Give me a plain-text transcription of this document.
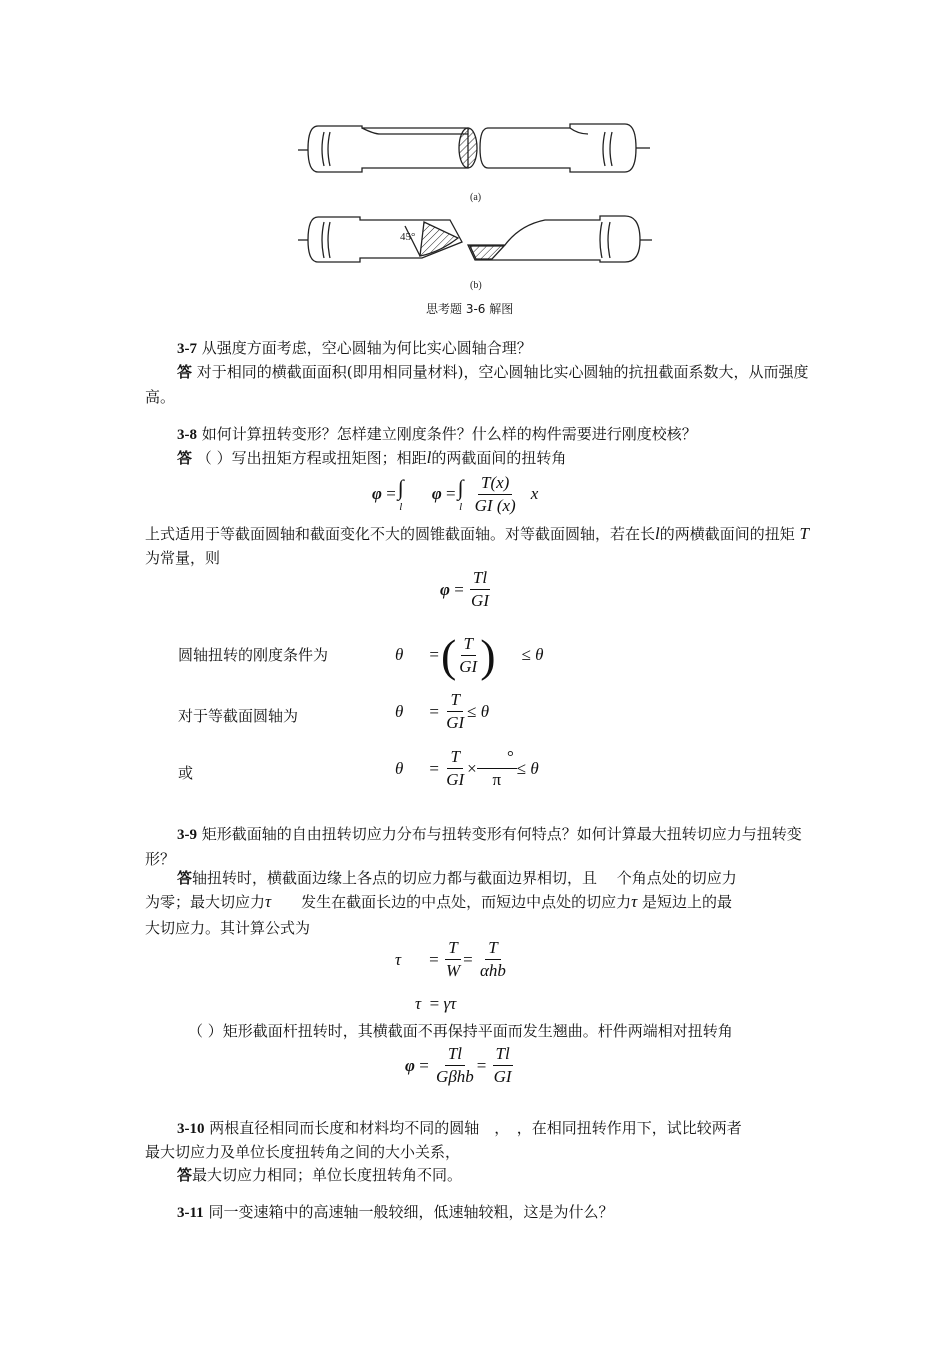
(a)
45°
(b)
思考题 3-6 解图
3-7 从强度方面考虑，空心圆轴为何比实心圆轴合理？
答 对于相同的横截面面积(即用相同量材料)，空心圆轴比实心圆轴的抗扭截面系数大，从而强度高。
3-8 如何计算扭转变形？怎样建立刚度条件？什么样的构件需要进行刚度校核？
答 （ ）写出扭矩方程或扭矩图；相距l的两截面间的扭转角
φ
= ∫
l
φ
= ∫
l $\frac{T(x)}{GI (x)}$ x
上式适用于等截面圆轴和截面变化不大的圆锥截面轴。对等截面圆轴，若在长l的两横截面间的扭矩 T 为常量，则
φ
=
$\frac{Tl}{GI}$
圆轴扭转的刚度条件为	θ = ( $\frac{T}{GI}$ ) ≤
θ
对于等截面圆轴为	θ =
$\frac{T}{GI}$ ≤
θ
或	θ =
$\frac{T}{GI} \times \frac{^\circ}{\pi}$ ≤
θ
3-9 矩形截面轴的自由扭转切应力分布与扭转变形有何特点？如何计算最大扭转切应力与扭转变形？
答轴扭转时，横截面边缘上各点的切应力都与截面边界相切，且　 个角点处的切应力
为零；最大切应力τ　　 发生在截面长边的中点处，而短边中点处的切应力τ 是短边上的最
大切应力。其计算公式为
τ =
$\frac{T}{W}$ =
$\frac{T}{\text{αhb}}$
τ = γτ
（ ）矩形截面杆扭转时，其横截面不再保持平面而发生翘曲。杆件两端相对扭转角
φ
=
$\frac{Tl}{\text{Gβhb}}$ =
$\frac{Tl}{GI}$
3-10 两根直径相同而长度和材料均不同的圆轴　，　，在相同扭转作用下，试比较两者
最大切应力及单位长度扭转角之间的大小关系，
答最大切应力相同；单位长度扭转角不同。
3-11 同一变速箱中的高速轴一般较细，低速轴较粗，这是为什么？
